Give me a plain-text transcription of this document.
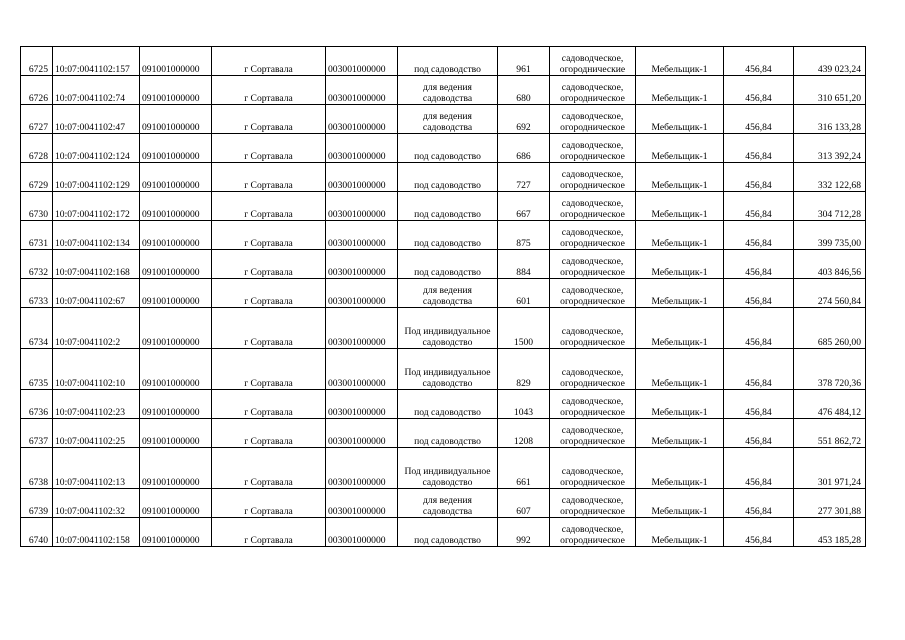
6725	10:07:0041102:157	091001000000	г Сортавала	003001000000	под садоводство	961	садоводческое, огороднические	Мебельщик-1	456,84	439 023,24
6726	10:07:0041102:74	091001000000	г Сортавала	003001000000	для ведения садоводства	680	садоводческое, огородническое	Мебельщик-1	456,84	310 651,20
6727	10:07:0041102:47	091001000000	г Сортавала	003001000000	для ведения садоводства	692	садоводческое, огородническое	Мебельщик-1	456,84	316 133,28
6728	10:07:0041102:124	091001000000	г Сортавала	003001000000	под садоводство	686	садоводческое, огородническое	Мебельщик-1	456,84	313 392,24
6729	10:07:0041102:129	091001000000	г Сортавала	003001000000	под садоводство	727	садоводческое, огородническое	Мебельщик-1	456,84	332 122,68
6730	10:07:0041102:172	091001000000	г Сортавала	003001000000	под садоводство	667	садоводческое, огородническое	Мебельщик-1	456,84	304 712,28
6731	10:07:0041102:134	091001000000	г Сортавала	003001000000	под садоводство	875	садоводческое, огородническое	Мебельщик-1	456,84	399 735,00
6732	10:07:0041102:168	091001000000	г Сортавала	003001000000	под садоводство	884	садоводческое, огородническое	Мебельщик-1	456,84	403 846,56
6733	10:07:0041102:67	091001000000	г Сортавала	003001000000	для ведения садоводства	601	садоводческое, огородническое	Мебельщик-1	456,84	274 560,84
6734	10:07:0041102:2	091001000000	г Сортавала	003001000000	Под индивидуальное садоводство	1500	садоводческое, огородническое	Мебельщик-1	456,84	685 260,00
6735	10:07:0041102:10	091001000000	г Сортавала	003001000000	Под индивидуальное садоводство	829	садоводческое, огородническое	Мебельщик-1	456,84	378 720,36
6736	10:07:0041102:23	091001000000	г Сортавала	003001000000	под садоводство	1043	садоводческое, огородническое	Мебельщик-1	456,84	476 484,12
6737	10:07:0041102:25	091001000000	г Сортавала	003001000000	под садоводство	1208	садоводческое, огородническое	Мебельщик-1	456,84	551 862,72
6738	10:07:0041102:13	091001000000	г Сортавала	003001000000	Под индивидуальное садоводство	661	садоводческое, огородническое	Мебельщик-1	456,84	301 971,24
6739	10:07:0041102:32	091001000000	г Сортавала	003001000000	для ведения садоводства	607	садоводческое, огородническое	Мебельщик-1	456,84	277 301,88
6740	10:07:0041102:158	091001000000	г Сортавала	003001000000	под садоводство	992	садоводческое, огородническое	Мебельщик-1	456,84	453 185,28
